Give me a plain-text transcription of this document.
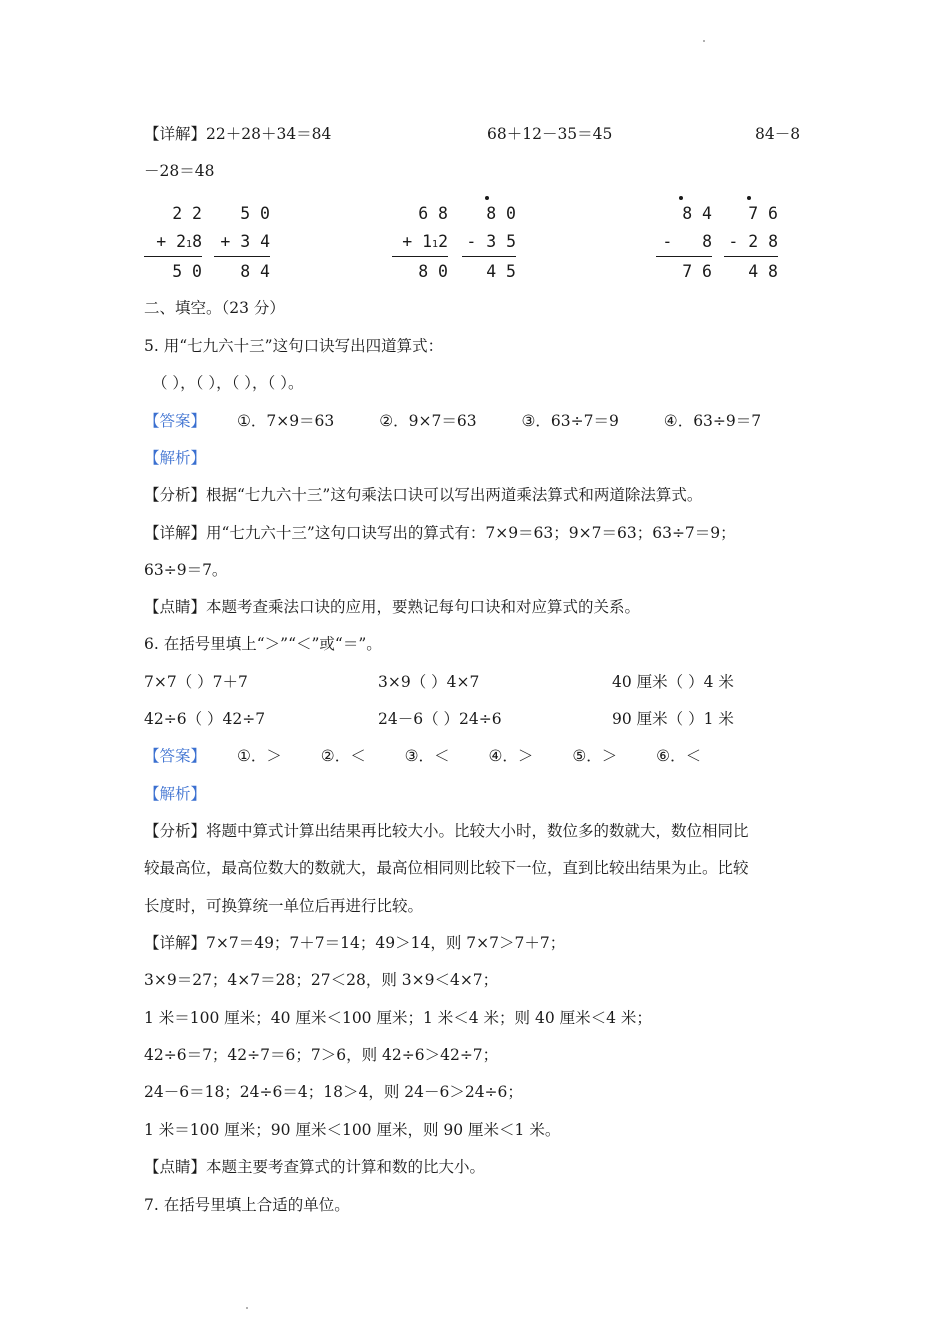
【详解】22＋28＋34＝84	68＋12－35＝45	84－8
－28＝48
2 2
+ 218
5 0
5 0
+ 3 4
8 4
6 8
+ 112
8 0
8 0
- 3 5
4 5
8 4
-   8
7 6
7 6
- 2 8
4 8
二、填空。（23 分）
5. 用“七九六十三”这句口诀写出四道算式：
（ ），（ ），（ ），（ ）。
【答案】 ①．7×9＝63	②．9×7＝63	③．63÷7＝9	④．63÷9＝7
【解析】
【分析】根据“七九六十三”这句乘法口诀可以写出两道乘法算式和两道除法算式。
【详解】用“七九六十三”这句口诀写出的算式有：7×9＝63；9×7＝63；63÷7＝9；
63÷9＝7。
【点睛】本题考查乘法口诀的应用，要熟记每句口诀和对应算式的关系。
6. 在括号里填上“＞”“＜”或“＝”。
7×7（ ）7＋7	3×9（ ）4×7	40 厘米（ ）4 米
42÷6（ ）42÷7	24－6（ ）24÷6	90 厘米（ ）1 米
【答案】 ①．＞	②．＜	③．＜	④．＞	⑤．＞	⑥．＜
【解析】
【分析】将题中算式计算出结果再比较大小。比较大小时，数位多的数就大，数位相同比
较最高位，最高位数大的数就大，最高位相同则比较下一位，直到比较出结果为止。比较
长度时，可换算统一单位后再进行比较。
【详解】7×7＝49；7＋7＝14；49＞14，则 7×7＞7＋7；
3×9＝27；4×7＝28；27＜28，则 3×9＜4×7；
1 米＝100 厘米；40 厘米＜100 厘米；1 米＜4 米；则 40 厘米＜4 米；
42÷6＝7；42÷7＝6；7＞6，则 42÷6＞42÷7；
24－6＝18；24÷6＝4；18＞4，则 24－6＞24÷6；
1 米＝100 厘米；90 厘米＜100 厘米，则 90 厘米＜1 米。
【点睛】本题主要考查算式的计算和数的比大小。
7. 在括号里填上合适的单位。
